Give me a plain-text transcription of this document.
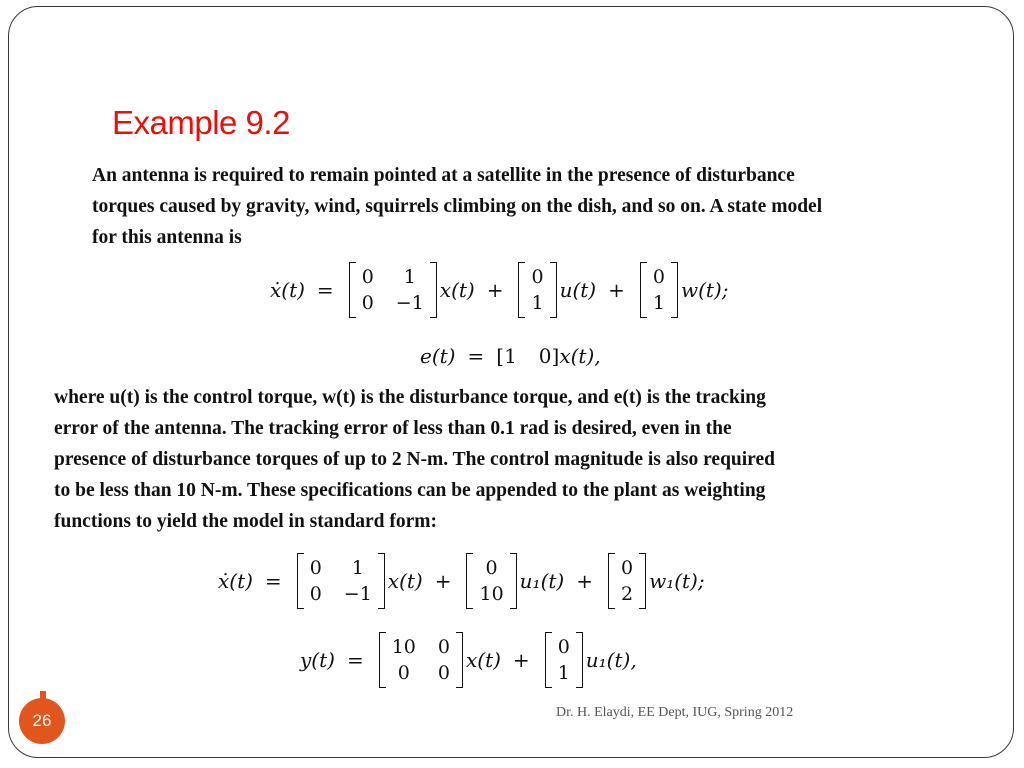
Example 9.2
An antenna is required to remain pointed at a satellite in the presence of disturbance
torques caused by gravity, wind, squirrels climbing on the dish, and so on. A state model
for this antenna is
ẋ(t) =
0	1
0 −1
x(t) +
0
1
u(t) +
0
1
w(t);
e(t) = [ 1 0 ] x(t),
where u(t) is the control torque, w(t) is the disturbance torque, and e(t) is the tracking
error of the antenna. The tracking error of less than 0.1 rad is desired, even in the
presence of disturbance torques of up to 2 N-m. The control magnitude is also required
to be less than 10 N-m. These specifications can be appended to the plant as weighting
functions to yield the model in standard form:
ẋ(t) =
0	1
0 −1
x(t) +
0
10
u₁(t) +
0
2
w₁(t);
y(t) =
10 0
0	0
x(t) +
0
1
u₁(t),
26	Dr. H. Elaydi, EE Dept, IUG, Spring 2012
